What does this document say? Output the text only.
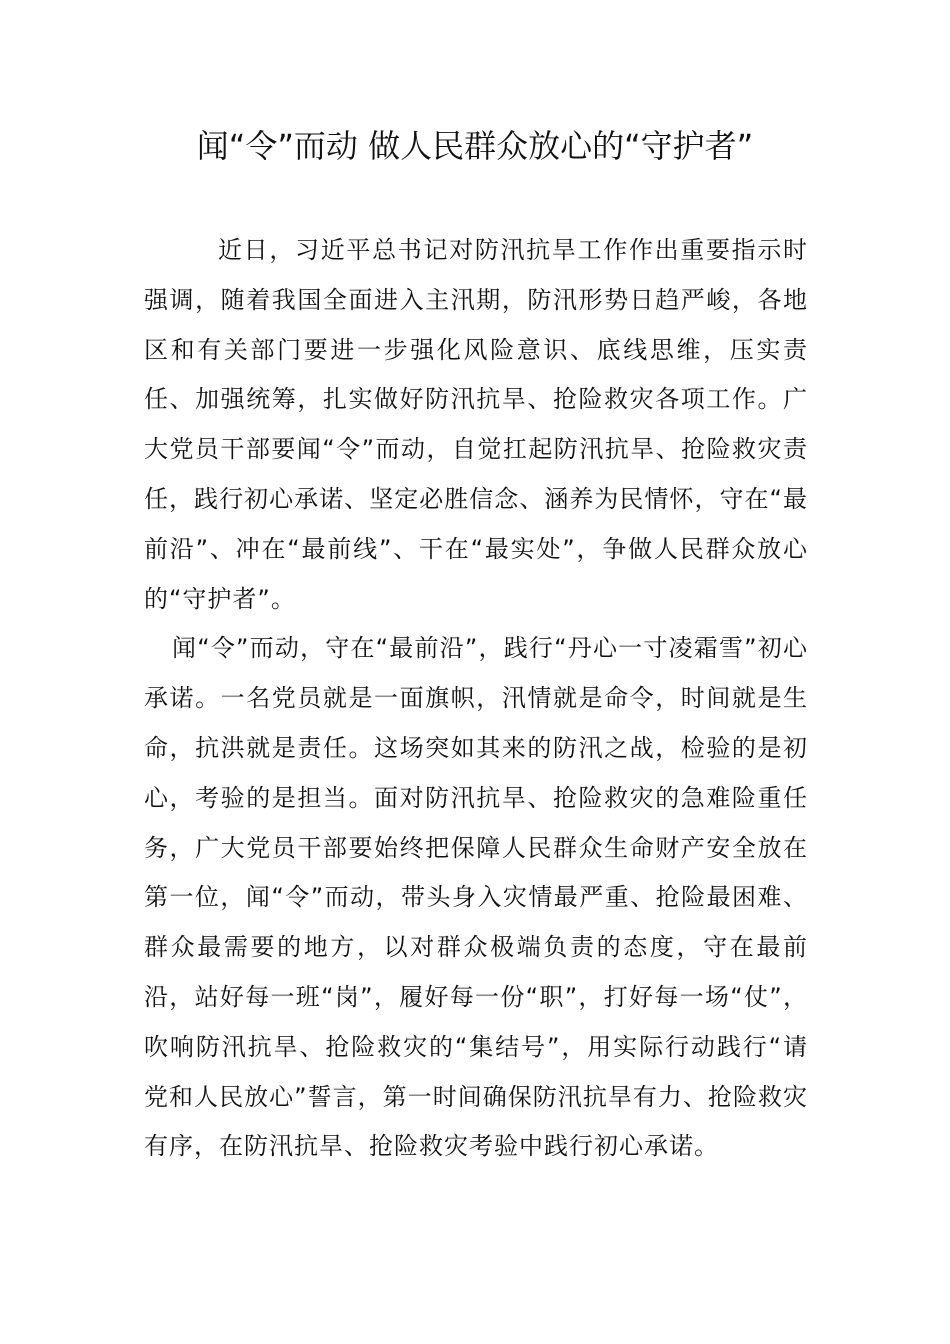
闻“令”而动 做人民群众放心的“守护者”

近日，习近平总书记对防汛抗旱工作作出重要指示时强调，随着我国全面进入主汛期，防汛形势日趋严峻，各地区和有关部门要进一步强化风险意识、底线思维，压实责任、加强统筹，扎实做好防汛抗旱、抢险救灾各项工作。广大党员干部要闻“令”而动，自觉扛起防汛抗旱、抢险救灾责任，践行初心承诺、坚定必胜信念、涵养为民情怀，守在“最前沿”、冲在“最前线”、干在“最实处”，争做人民群众放心的“守护者”。

闻“令”而动，守在“最前沿”，践行“丹心一寸凌霜雪”初心承诺。一名党员就是一面旗帜，汛情就是命令，时间就是生命，抗洪就是责任。这场突如其来的防汛之战，检验的是初心，考验的是担当。面对防汛抗旱、抢险救灾的急难险重任务，广大党员干部要始终把保障人民群众生命财产安全放在第一位，闻“令”而动，带头身入灾情最严重、抢险最困难、群众最需要的地方，以对群众极端负责的态度，守在最前沿，站好每一班“岗”，履好每一份“职”，打好每一场“仗”，吹响防汛抗旱、抢险救灾的“集结号”，用实际行动践行“请党和人民放心”誓言，第一时间确保防汛抗旱有力、抢险救灾有序，在防汛抗旱、抢险救灾考验中践行初心承诺。
